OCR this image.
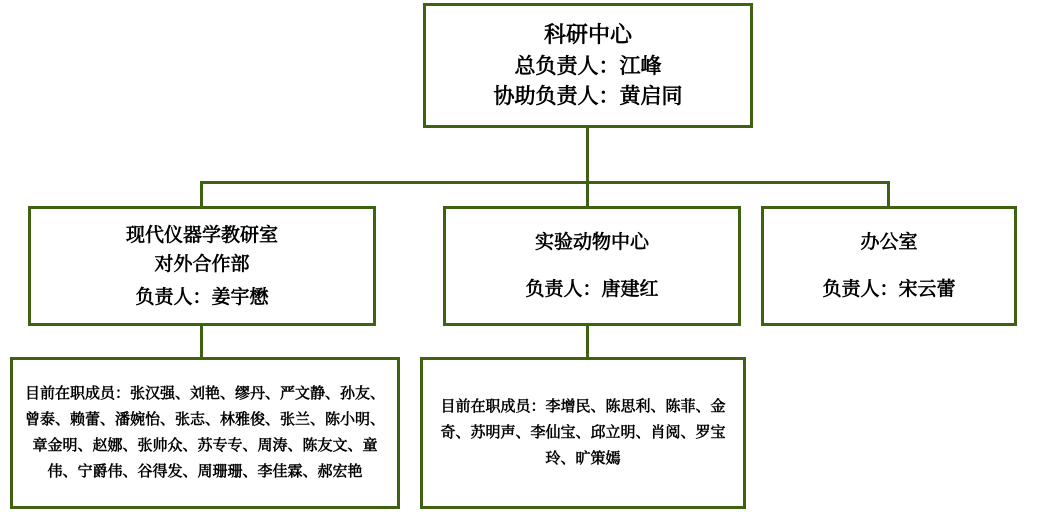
科研中心
总负责人：江峰
协助负责人：黄启同
现代仪器学教研室
对外合作部
负责人：姜宇懋
实验动物中心
负责人：唐建红
办公室
负责人：宋云蕾
目前在职成员：张汉强、刘艳、缪丹、严文静、孙友、曾泰、赖蕾、潘婉怡、张志、林雅俊、张兰、陈小明、章金明、赵娜、张帅众、苏专专、周涛、陈友文、童伟、宁爵伟、谷得发、周珊珊、李佳霖、郝宏艳
目前在职成员：李增民、陈思利、陈菲、金奇、苏明声、李仙宝、邱立明、肖阅、罗宝玲、旷策嫣
